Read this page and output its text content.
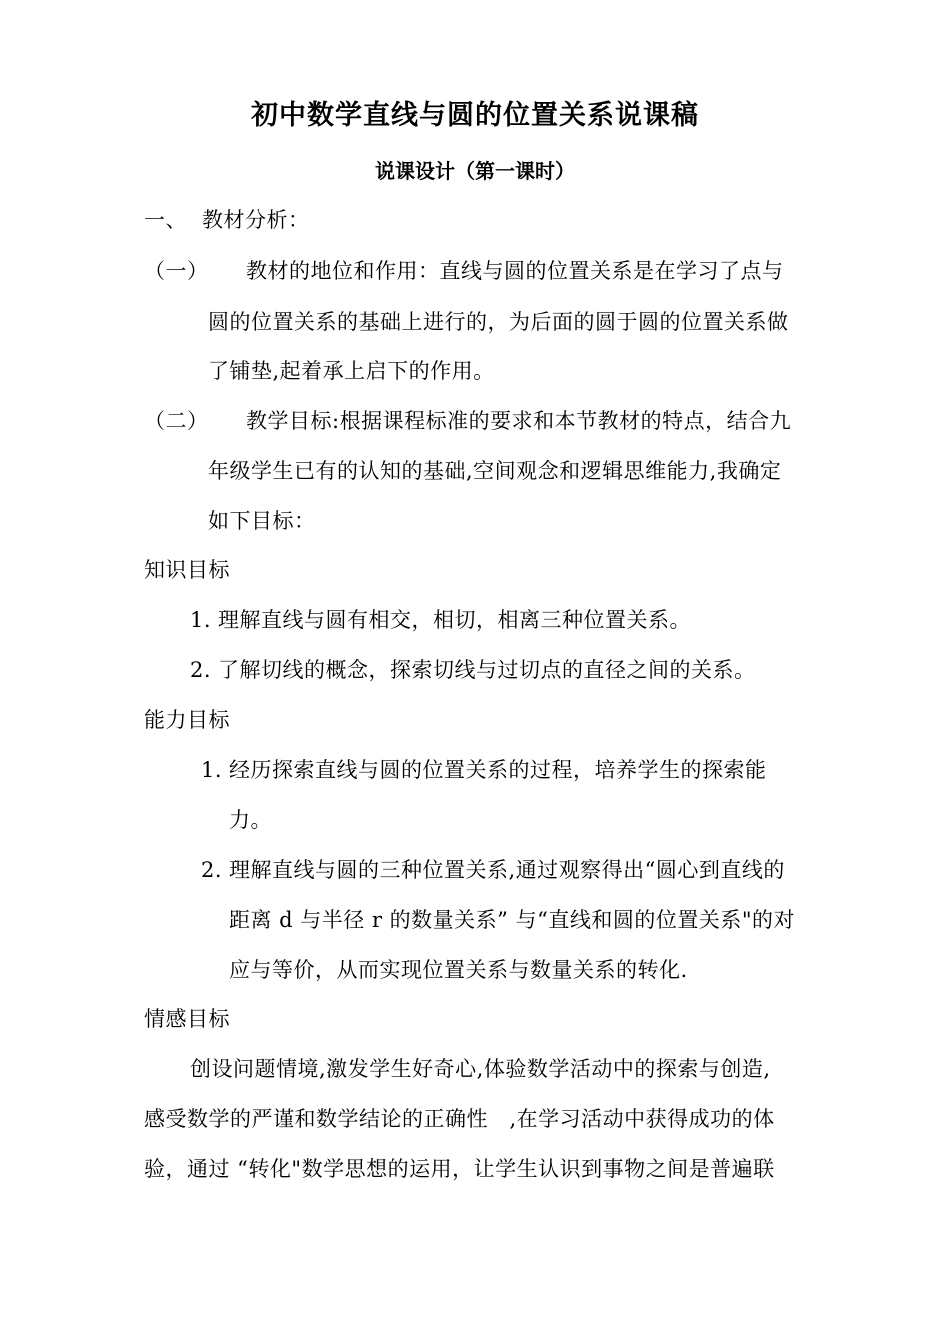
初中数学直线与圆的位置关系说课稿
说课设计（第一课时）
一、 教材分析：
（一） 教材的地位和作用：直线与圆的位置关系是在学习了点与
圆的位置关系的基础上进行的，为后面的圆于圆的位置关系做
了铺垫,起着承上启下的作用。
（二） 教学目标:根据课程标准的要求和本节教材的特点，结合九
年级学生已有的认知的基础,空间观念和逻辑思维能力,我确定
如下目标：
知识目标
1. 理解直线与圆有相交，相切，相离三种位置关系。
2. 了解切线的概念，探索切线与过切点的直径之间的关系。
能力目标
1. 经历探索直线与圆的位置关系的过程，培养学生的探索能
力。
2. 理解直线与圆的三种位置关系,通过观察得出“圆心到直线的
距离 d 与半径 r 的数量关系” 与“直线和圆的位置关系"的对
应与等价，从而实现位置关系与数量关系的转化.
情感目标
创设问题情境,激发学生好奇心,体验数学活动中的探索与创造,
感受数学的严谨和数学结论的正确性　,在学习活动中获得成功的体
验，通过 “转化"数学思想的运用，让学生认识到事物之间是普遍联
